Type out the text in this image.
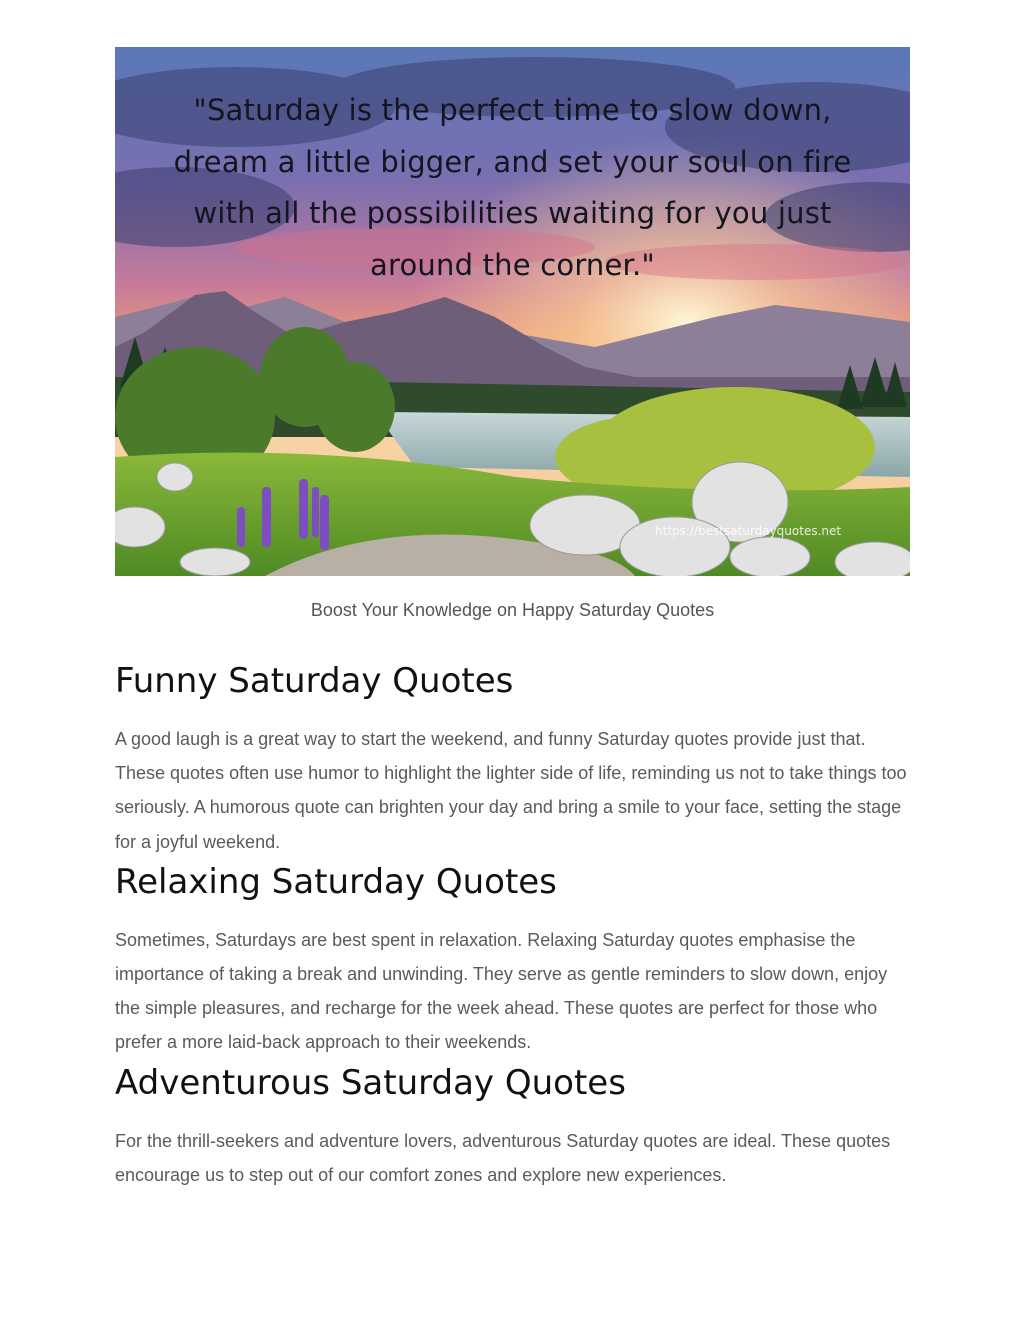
"Saturday is the perfect time to slow down,
dream a little bigger, and set your soul on fire
with all the possibilities waiting for you just
around the corner."
https://bestsaturdayquotes.net
Boost Your Knowledge on Happy Saturday Quotes
Funny Saturday Quotes

A good laugh is a great way to start the weekend, and funny Saturday quotes provide just that. These quotes often use humor to highlight the lighter side of life, reminding us not to take things too seriously. A humorous quote can brighten your day and bring a smile to your face, setting the stage for a joyful weekend.

Relaxing Saturday Quotes

Sometimes, Saturdays are best spent in relaxation. Relaxing Saturday quotes emphasise the importance of taking a break and unwinding. They serve as gentle reminders to slow down, enjoy the simple pleasures, and recharge for the week ahead. These quotes are perfect for those who prefer a more laid-back approach to their weekends.

Adventurous Saturday Quotes

For the thrill-seekers and adventure lovers, adventurous Saturday quotes are ideal. These quotes encourage us to step out of our comfort zones and explore new experiences.
